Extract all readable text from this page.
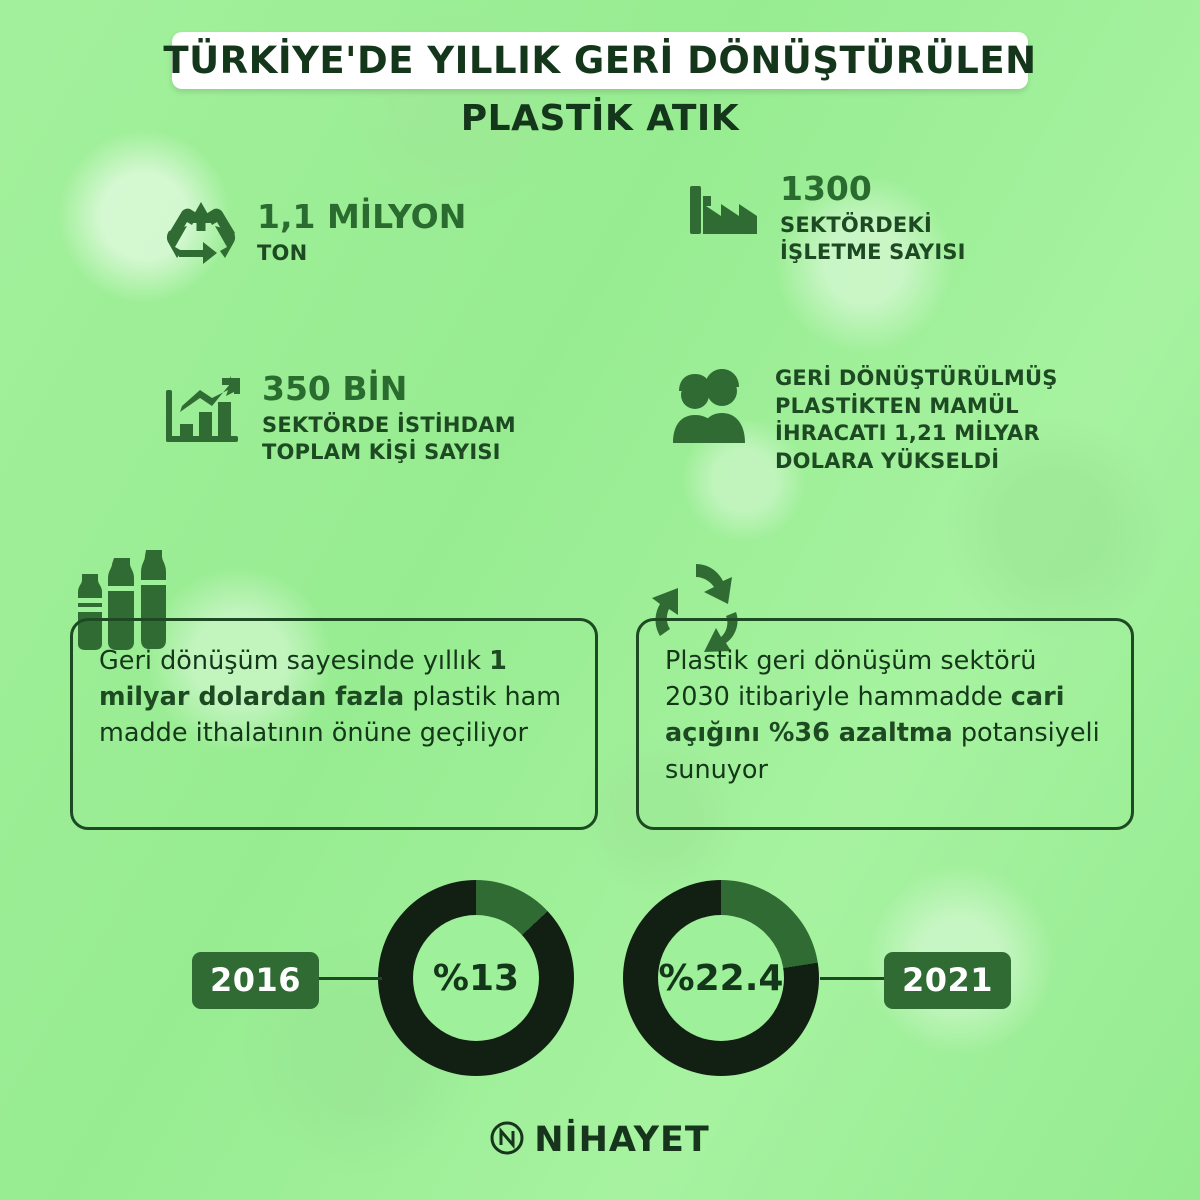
TÜRKİYE'DE YILLIK GERİ DÖNÜŞTÜRÜLEN
PLASTİK ATIK
1,1 MİLYON
TON
1300
SEKTÖRDEKİ
İŞLETME SAYISI
350 BİN
SEKTÖRDE İSTİHDAM
TOPLAM KİŞİ SAYISI
GERİ DÖNÜŞTÜRÜLMÜŞ
PLASTİKTEN MAMÜL
İHRACATI 1,21 MİLYAR
DOLARA YÜKSELDİ
Geri dönüşüm sayesinde yıllık 1 milyar dolardan fazla plastik ham madde ithalatının önüne geçiliyor
Plastik geri dönüşüm sektörü 2030 itibariyle hammadde cari açığını %36 azaltma potansiyeli sunuyor
%13
2016	%22.4	2021
NİHAYET
